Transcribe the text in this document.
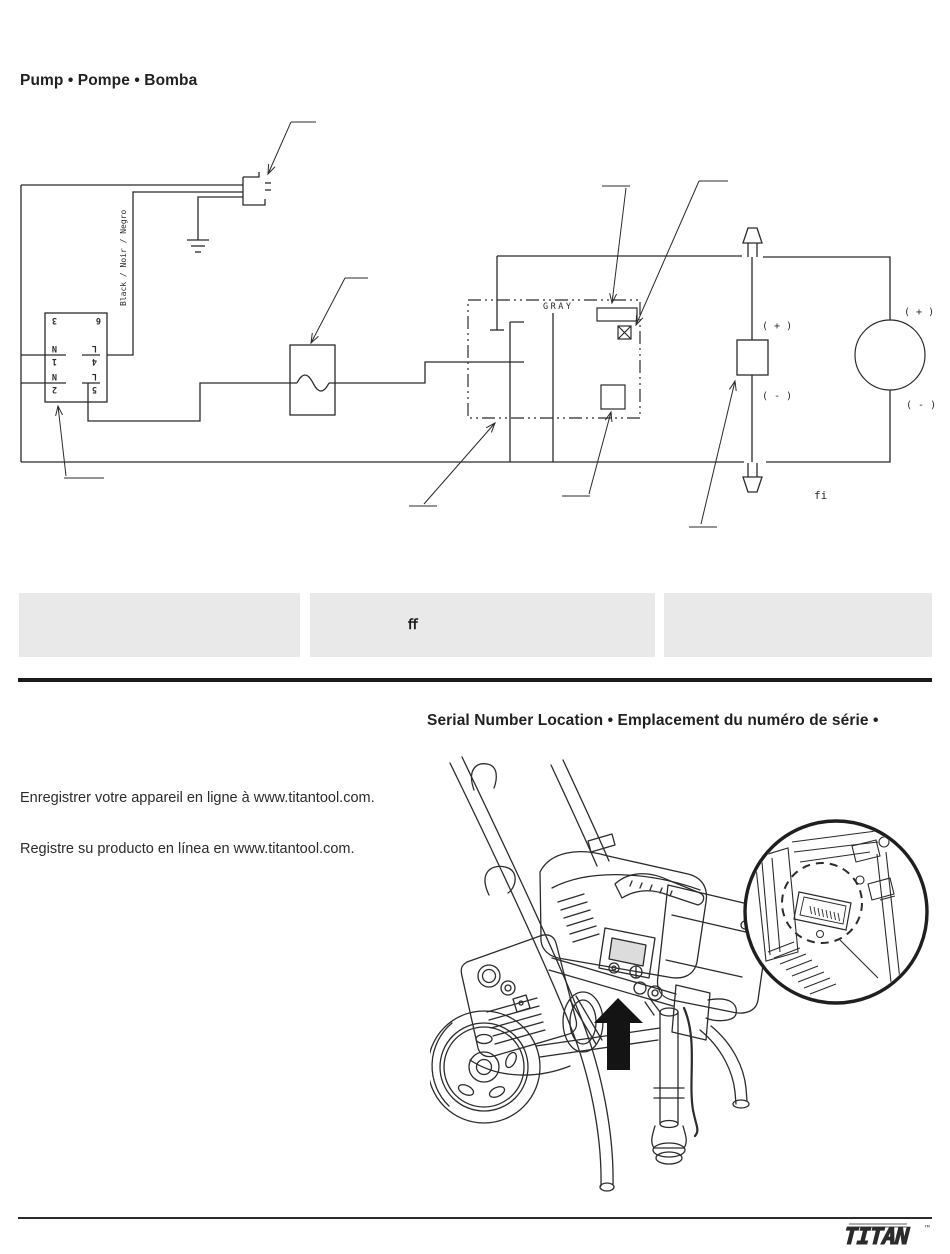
Pump • Pompe • Bomba
3	6
N
1
L
4
N
2
L
5
Black / Noir / Negro
GRAY
( + )
( - )
( + )
( - )
fi
ﬀ
Serial Number Location • Emplacement du numéro de série •
Enregistrer votre appareil en ligne à www.titantool.com.
Registre su producto en línea en www.titantool.com.
TITAN ™
